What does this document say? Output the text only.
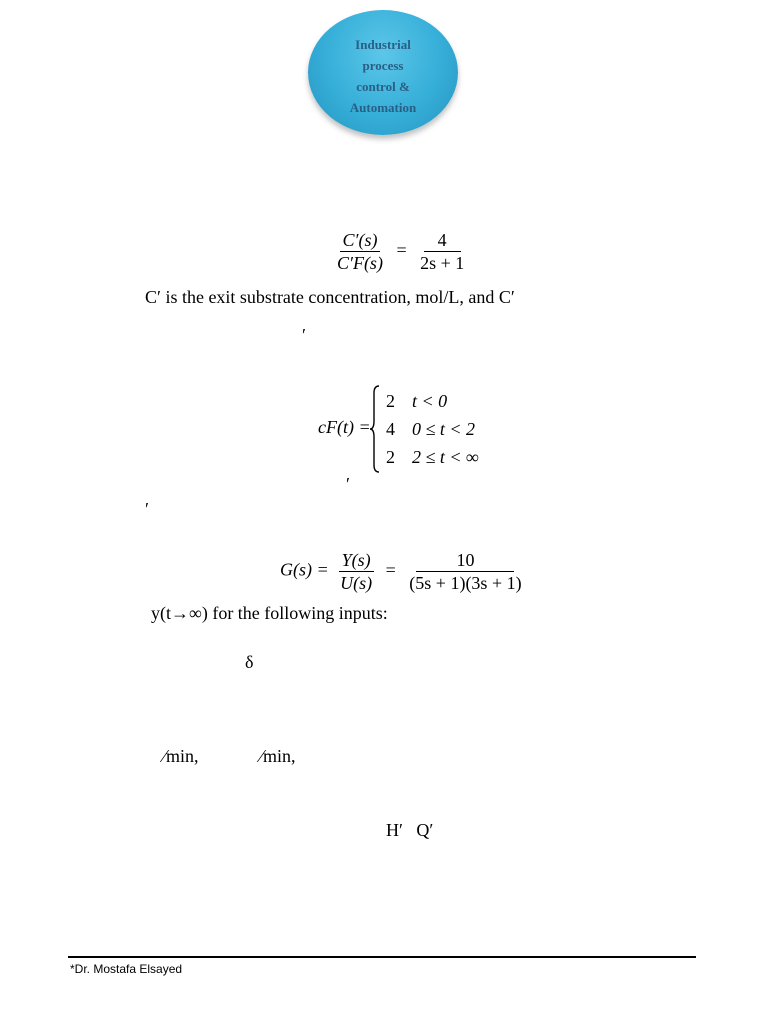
Industrial
process
control &
Automation
$\frac{C'(s)}{C'F(s)} = \frac{4}{2s + 1}$
C′ is the exit substrate concentration, mol/L, and C′
′
cF(t) =
2 t < 0
4 0 ≤ t < 2
2 2 ≤ t < ∞
′
′
$G(s) = \frac{Y(s)}{U(s)} = \frac{10}{(5s + 1)(3s + 1)}$
y(t→∞) for the following inputs:
δ
⁄min,	⁄min,
H′   Q′
*Dr. Mostafa Elsayed
